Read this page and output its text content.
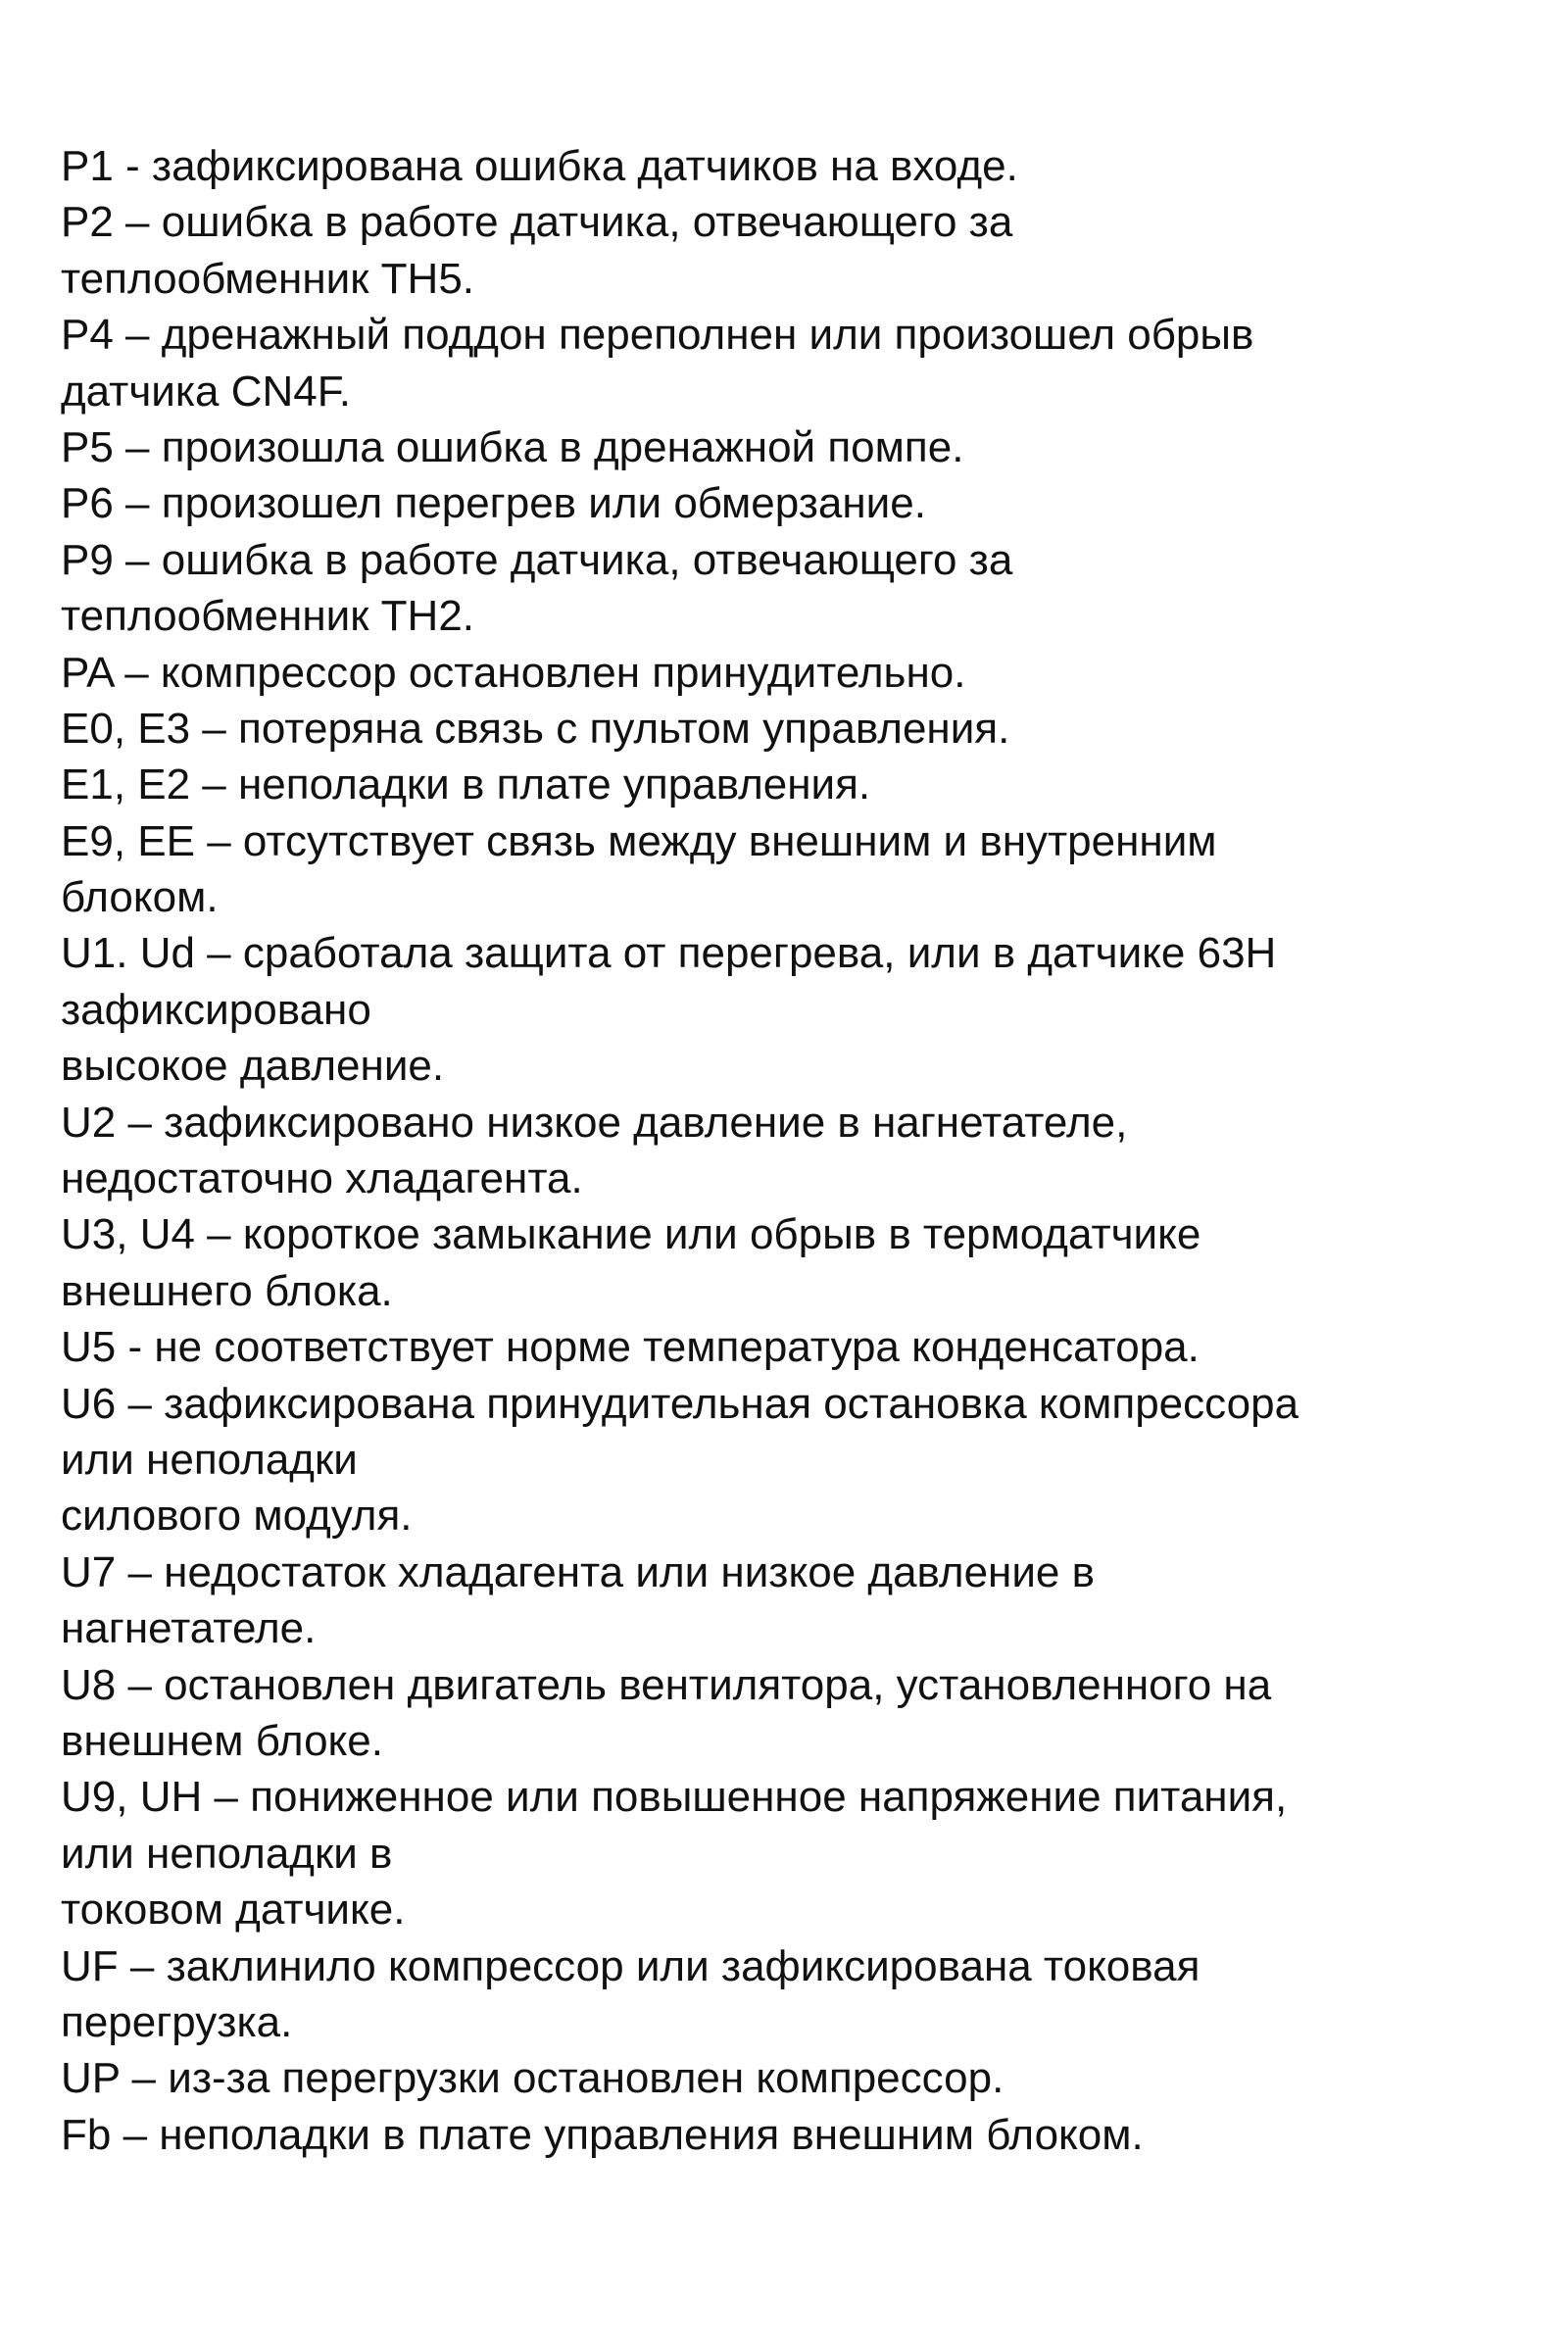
P1 - зафиксирована ошибка датчиков на входе.
P2 – ошибка в работе датчика, отвечающего за
теплообменник TH5.
P4 – дренажный поддон переполнен или произошел обрыв
датчика CN4F.
P5 – произошла ошибка в дренажной помпе.
P6 – произошел перегрев или обмерзание.
P9 – ошибка в работе датчика, отвечающего за
теплообменник TH2.
PA – компрессор остановлен принудительно.
E0, E3 – потеряна связь с пультом управления.
E1, E2 – неполадки в плате управления.
E9, EE – отсутствует связь между внешним и внутренним
блоком.
U1. Ud – сработала защита от перегрева, или в датчике 63H
зафиксировано
высокое давление.
U2 – зафиксировано низкое давление в нагнетателе,
недостаточно хладагента.
U3, U4 – короткое замыкание или обрыв в термодатчике
внешнего блока.
U5 - не соответствует норме температура конденсатора.
U6 – зафиксирована принудительная остановка компрессора
или неполадки
силового модуля.
U7 – недостаток хладагента или низкое давление в
нагнетателе.
U8 – остановлен двигатель вентилятора, установленного на
внешнем блоке.
U9, UH – пониженное или повышенное напряжение питания,
или неполадки в
токовом датчике.
UF – заклинило компрессор или зафиксирована токовая
перегрузка.
UP – из-за перегрузки остановлен компрессор.
Fb – неполадки в плате управления внешним блоком.
